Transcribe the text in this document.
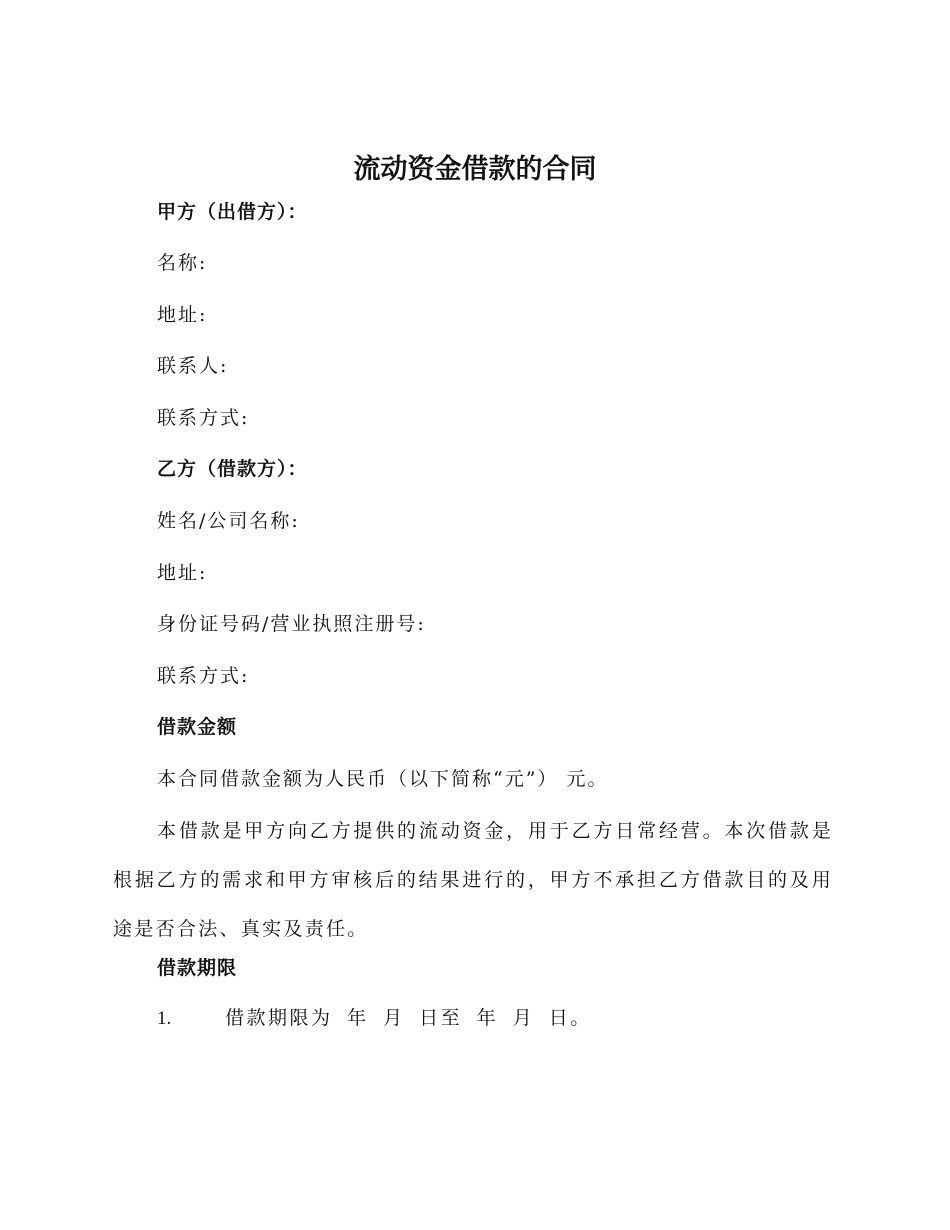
流动资金借款的合同
甲方（出借方）：
名称:
地址:
联系人:
联系方式:
乙方（借款方）：
姓名/公司名称:
地址:
身份证号码/营业执照注册号:
联系方式:
借款金额
本合同借款金额为人民币（以下简称“元”） 元。
本借款是甲方向乙方提供的流动资金，用于乙方日常经营。本次借款是根据乙方的需求和甲方审核后的结果进行的，甲方不承担乙方借款目的及用途是否合法、真实及责任。
借款期限
1.	借款期限为 年 月 日至 年 月 日。
